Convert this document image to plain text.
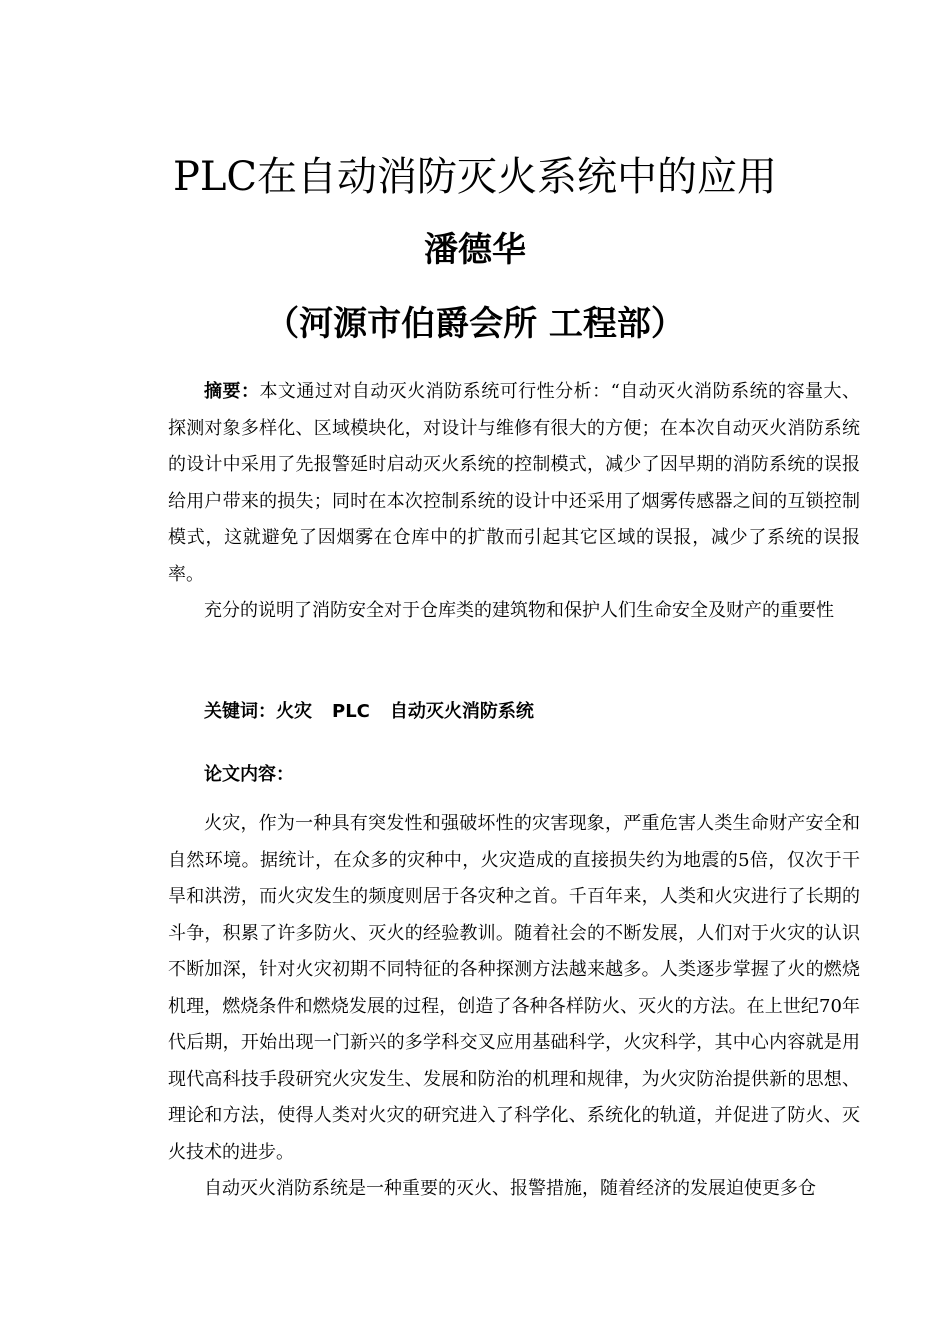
PLC在自动消防灭火系统中的应用
潘德华
（河源市伯爵会所 工程部）

摘要：本文通过对自动灭火消防系统可行性分析：“自动灭火消防系统的容量大、探测对象多样化、区域模块化，对设计与维修有很大的方便；在本次自动灭火消防系统的设计中采用了先报警延时启动灭火系统的控制模式，减少了因早期的消防系统的误报给用户带来的损失；同时在本次控制系统的设计中还采用了烟雾传感器之间的互锁控制模式，这就避免了因烟雾在仓库中的扩散而引起其它区域的误报，减少了系统的误报率。

充分的说明了消防安全对于仓库类的建筑物和保护人们生命安全及财产的重要性

关键词：火灾 PLC 自动灭火消防系统
论文内容：

火灾，作为一种具有突发性和强破坏性的灾害现象，严重危害人类生命财产安全和自然环境。据统计，在众多的灾种中，火灾造成的直接损失约为地震的5倍，仅次于干旱和洪涝，而火灾发生的频度则居于各灾种之首。千百年来，人类和火灾进行了长期的斗争，积累了许多防火、灭火的经验教训。随着社会的不断发展，人们对于火灾的认识不断加深，针对火灾初期不同特征的各种探测方法越来越多。人类逐步掌握了火的燃烧机理，燃烧条件和燃烧发展的过程，创造了各种各样防火、灭火的方法。在上世纪70年代后期，开始出现一门新兴的多学科交叉应用基础科学，火灾科学，其中心内容就是用现代高科技手段研究火灾发生、发展和防治的机理和规律，为火灾防治提供新的思想、理论和方法，使得人类对火灾的研究进入了科学化、系统化的轨道，并促进了防火、灭火技术的进步。

自动灭火消防系统是一种重要的灭火、报警措施，随着经济的发展迫使更多仓
